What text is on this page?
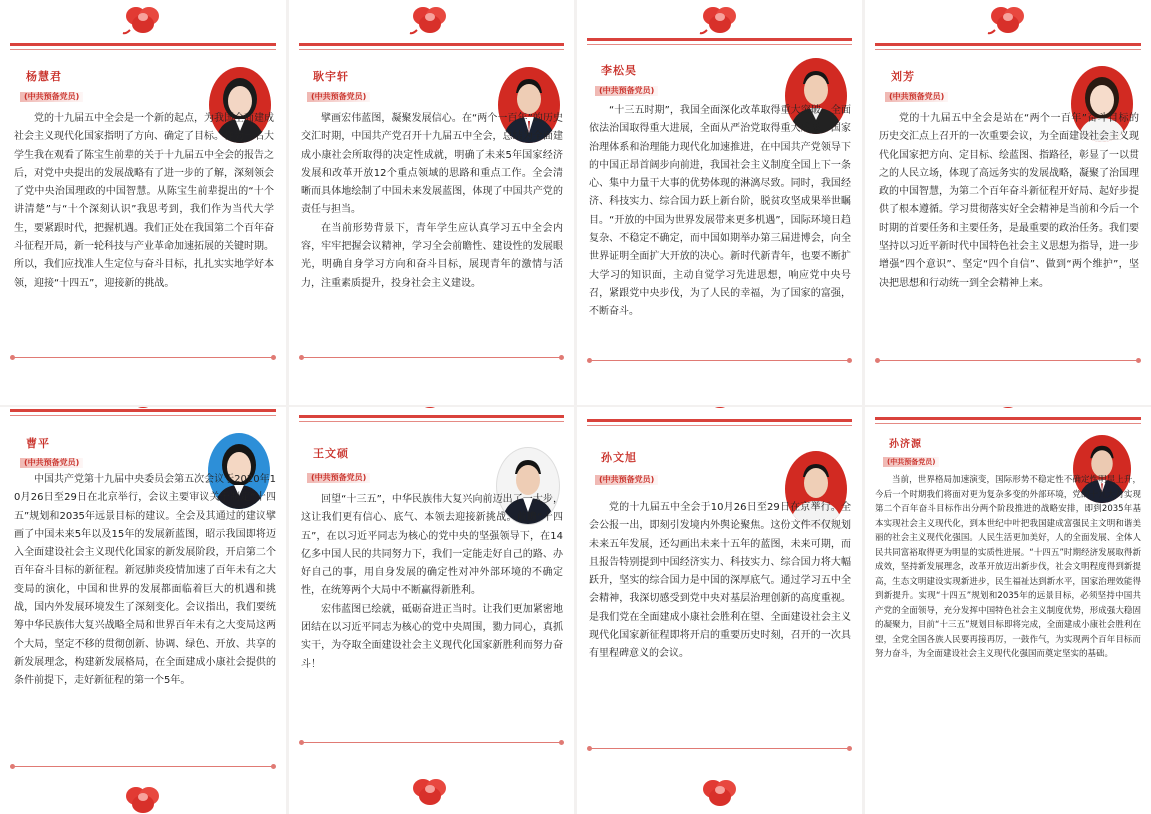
杨慧君
(中共预备党员)

党的十九届五中全会是一个新的起点，为我国全面建成社会主义现代化国家指明了方向、确定了目标。作为一名大学生我在观看了陈宝生前辈的关于十九届五中全会的报告之后，对党中央提出的发展战略有了进一步的了解，深刻领会了党中央治国理政的中国智慧。从陈宝生前辈提出的“十个讲清楚”与“十个深刻认识”我思考到，我们作为当代大学生，要紧跟时代，把握机遇。我们正处在我国第二个百年奋斗征程开局，新一轮科技与产业革命加速拓展的关键时期。所以，我们应找准人生定位与奋斗目标，扎扎实实地学好本领，迎接“十四五”，迎接新的挑战。

耿宇轩
(中共预备党员)

擘画宏伟蓝图，凝聚发展信心。在“两个一百年”的历史交汇时期，中国共产党召开十九届五中全会，总结为全面建成小康社会所取得的决定性成就，明确了未来5年国家经济发展和改革开放12个重点领域的思路和重点工作。全会清晰而具体地绘制了中国未来发展蓝图，体现了中国共产党的责任与担当。

在当前形势背景下，青年学生应认真学习五中全会内容，牢牢把握会议精神，学习全会前瞻性、建设性的发展眼光，明确自身学习方向和奋斗目标，展现青年的激情与活力，注重素质提升，投身社会主义建设。

李松昊
(中共预备党员)

“十三五时期”，我国全面深化改革取得重大突破，全面依法治国取得重大进展，全面从严治党取得重大成果，国家治理体系和治理能力现代化加速推进，在中国共产党领导下的中国正昂首阔步向前进，我国社会主义制度全国上下一条心、集中力量干大事的优势体现的淋漓尽致。同时，我国经济、科技实力、综合国力跃上新台阶，脱贫攻坚成果举世瞩目。“开放的中国为世界发展带来更多机遇”，国际环境日趋复杂、不稳定不确定，而中国如期举办第三届进博会，向全世界证明全面扩大开放的决心。新时代新青年，也要不断扩大学习的知识面，主动自觉学习先进思想，响应党中央号召，紧跟党中央步伐，为了人民的幸福，为了国家的富强，不断奋斗。

刘芳
(中共预备党员)

党的十九届五中全会是站在“两个一百年”奋斗目标的历史交汇点上召开的一次重要会议，为全面建设社会主义现代化国家把方向、定目标、绘蓝图、指路径，彰显了一以贯之的人民立场，体现了高远务实的发展战略，凝聚了治国理政的中国智慧，为第二个百年奋斗新征程开好局、起好步提供了根本遵循。学习贯彻落实好全会精神是当前和今后一个时期的首要任务和主要任务，是最重要的政治任务。我们要坚持以习近平新时代中国特色社会主义思想为指导，进一步增强“四个意识”、坚定“四个自信”、做到“两个维护”，坚决把思想和行动统一到全会精神上来。

曹平
(中共预备党员)

中国共产党第十九届中央委员会第五次会议于2020年10月26日至29日在北京举行，会议主要审议关于制定“十四五”规划和2035年远景目标的建议。全会及其通过的建议擘画了中国未来5年以及15年的发展新蓝图，昭示我国即将迈入全面建设社会主义现代化国家的新发展阶段，开启第二个百年奋斗目标的新征程。新冠肺炎疫情加速了百年未有之大变局的演化，中国和世界的发展都面临着巨大的机遇和挑战，国内外发展环境发生了深刻变化。会议指出，我们要统筹中华民族伟大复兴战略全局和世界百年未有之大变局这两个大局，坚定不移的贯彻创新、协调、绿色、开放、共享的新发展理念，构建新发展格局，在全面建成小康社会提供的条件前提下，走好新征程的第一个5年。

王文硕
(中共预备党员)

回望“十三五”，中华民族伟大复兴向前迈出了一大步，这让我们更有信心、底气、本领去迎接新挑战。前瞻“十四五”，在以习近平同志为核心的党中央的坚强领导下，在14亿多中国人民的共同努力下，我们一定能走好自己的路、办好自己的事，用自身发展的确定性对冲外部环境的不确定性，在统筹两个大局中不断赢得新胜利。

宏伟蓝图已绘就，砥砺奋进正当时。让我们更加紧密地团结在以习近平同志为核心的党中央周围，勠力同心，真抓实干，为夺取全面建设社会主义现代化国家新胜利而努力奋斗！

孙文旭
(中共预备党员)

党的十九届五中全会于10月26日至29日在京举行。全会公报一出，即刻引发境内外舆论聚焦。这份文件不仅规划未来五年发展，还勾画出未来十五年的蓝图，未来可期，而且报告特别提到中国经济实力、科技实力、综合国力将大幅跃升，坚实的综合国力是中国的深厚底气。通过学习五中全会精神，我深切感受到党中央对基层治理创新的高度重视。是我们党在全面建成小康社会胜利在望、全面建设社会主义现代化国家新征程即将开启的重要历史时刻，召开的一次具有里程碑意义的会议。

孙济源
(中共预备党员)

当前，世界格局加速演变，国际形势不稳定性不确定性明显上升，今后一个时期我们将面对更为复杂多变的外部环境，党的十九大对实现第二个百年奋斗目标作出分两个阶段推进的战略安排，即到2035年基本实现社会主义现代化，到本世纪中叶把我国建成富强民主文明和谐美丽的社会主义现代化强国。人民生活更加美好，人的全面发展、全体人民共同富裕取得更为明显的实质性进展。“十四五”时期经济发展取得新成效，坚持新发展理念，改革开放迈出新步伐，社会文明程度得到新提高，生态文明建设实现新进步，民生福祉达到新水平，国家治理效能得到新提升。实现“十四五”规划和2035年的远景目标，必须坚持中国共产党的全面领导，充分发挥中国特色社会主义制度优势，形成强大稳固的凝聚力，目前“十三五”规划目标即将完成，全面建成小康社会胜利在望，全党全国各族人民要再接再厉，一鼓作气，为实现两个百年目标而努力奋斗，为全面建设社会主义现代化强国而奠定坚实的基础。
